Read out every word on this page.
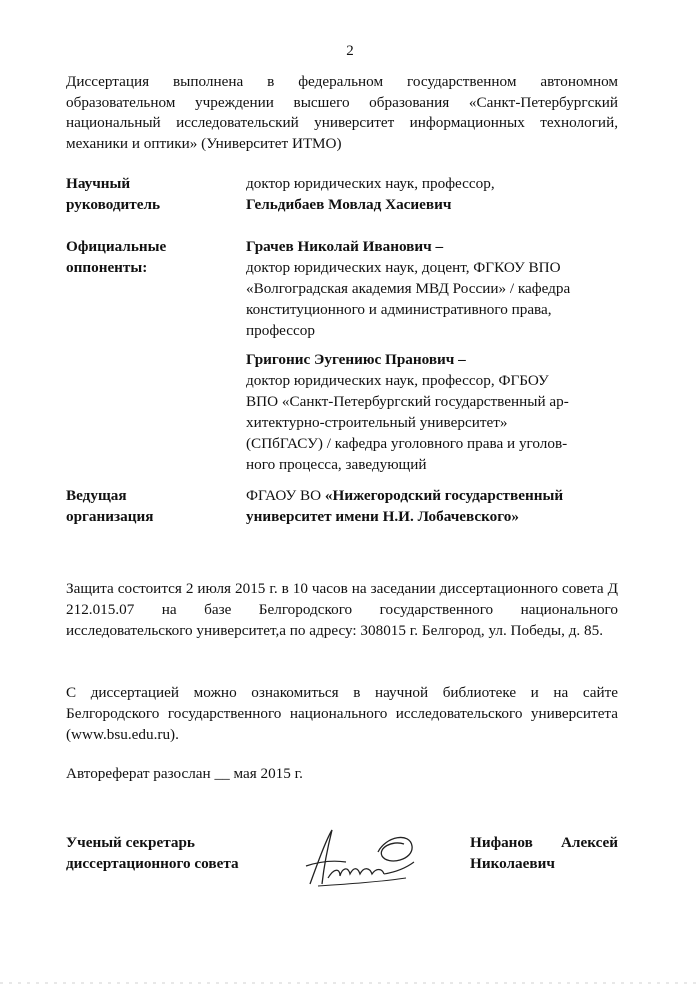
2
Диссертация выполнена в федеральном государственном автономном образовательном учреждении высшего образования «Санкт-Петербургский национальный исследовательский университет информационных технологий, механики и оптики» (Университет ИТМО)
Научный
руководитель
доктор юридических наук, профессор,
Гельдибаев Мовлад Хасиевич
Официальные
оппоненты:
Грачев Николай Иванович –
доктор юридических наук, доцент, ФГКОУ ВПО
«Волгоградская академия МВД России» / кафедра
конституционного и административного права,
профессор
Григонис Эугениюс Пранович –
доктор юридических наук, профессор, ФГБОУ
ВПО «Санкт-Петербургский государственный ар-
хитектурно-строительный университет»
(СПбГАСУ) / кафедра уголовного права и уголов-
ного процесса, заведующий
Ведущая
организация
ФГАОУ ВО «Нижегородский государственный
университет имени Н.И. Лобачевского»
Защита состоится 2 июля 2015 г. в 10 часов на заседании диссертационного совета Д 212.015.07 на базе Белгородского государственного национального исследовательского университет,а по адресу: 308015 г. Белгород, ул. Победы, д. 85.
С диссертацией можно ознакомиться в научной библиотеке и на сайте Белгородского государственного национального исследовательского университета (www.bsu.edu.ru).
Автореферат разослан __ мая 2015 г.
Ученый секретарь
диссертационного совета
Нифанов Алексей
Николаевич
